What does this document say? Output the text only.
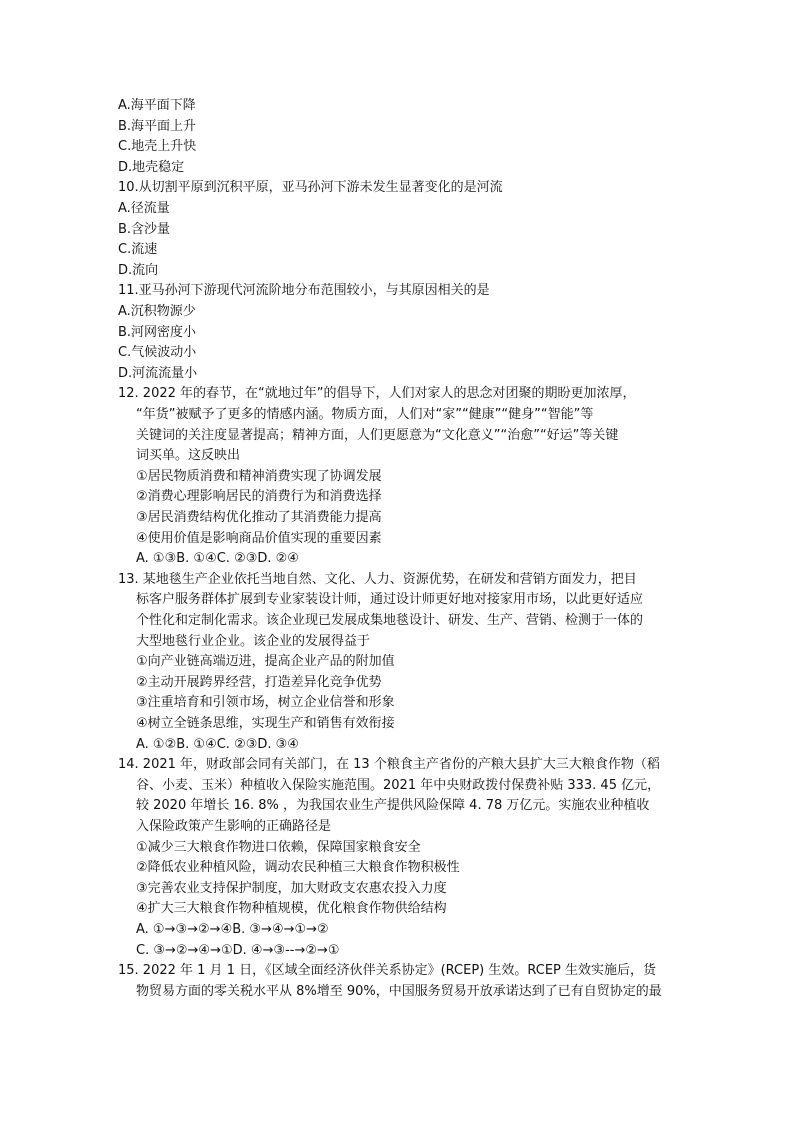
A.海平面下降
B.海平面上升
C.地壳上升快
D.地壳稳定
10.从切割平原到沉积平原，亚马孙河下游未发生显著变化的是河流
A.径流量
B.含沙量
C.流速
D.流向
11.亚马孙河下游现代河流阶地分布范围较小，与其原因相关的是
A.沉积物源少
B.河网密度小
C.气候波动小
D.河流流量小
12. 2022 年的春节，在“就地过年”的倡导下，人们对家人的思念对团聚的期盼更加浓厚，
“年货”被赋予了更多的情感内涵。物质方面，人们对“家”“健康”“健身”“智能”等
关键词的关注度显著提高；精神方面，人们更愿意为“文化意义”“治愈”“好运”等关键
词买单。这反映出
①居民物质消费和精神消费实现了协调发展
②消费心理影响居民的消费行为和消费选择
③居民消费结构优化推动了其消费能力提高
④使用价值是影响商品价值实现的重要因素
A. ①③B. ①④C. ②③D. ②④
13. 某地毯生产企业依托当地自然、文化、人力、资源优势，在研发和营销方面发力，把目
标客户服务群体扩展到专业家装设计师，通过设计师更好地对接家用市场，以此更好适应
个性化和定制化需求。该企业现已发展成集地毯设计、研发、生产、营销、检测于一体的
大型地毯行业企业。该企业的发展得益于
①向产业链高端迈进，提高企业产品的附加值
②主动开展跨界经营，打造差异化竞争优势
③注重培育和引领市场，树立企业信誉和形象
④树立全链条思维，实现生产和销售有效衔接
A. ①②B. ①④C. ②③D. ③④
14. 2021 年，财政部会同有关部门，在 13 个粮食主产省份的产粮大县扩大三大粮食作物（稻
谷、小麦、玉米）种植收入保险实施范围。2021 年中央财政拨付保费补贴 333. 45 亿元，
较 2020 年增长 16. 8% ，为我国农业生产提供风险保障 4. 78 万亿元。实施农业种植收
入保险政策产生影响的正确路径是
①减少三大粮食作物进口依赖，保障国家粮食安全
②降低农业种植风险，调动农民种植三大粮食作物积极性
③完善农业支持保护制度，加大财政支农惠农投入力度
④扩大三大粮食作物种植规模，优化粮食作物供给结构
A. ①→③→②→④B. ③→④→①→②
C. ③→②→④→①D. ④→③--→②→①
15. 2022 年 1 月 1 日，《区域全面经济伙伴关系协定》(RCEP) 生效。RCEP 生效实施后，货
物贸易方面的零关税水平从 8%增至 90%，中国服务贸易开放承诺达到了已有自贸协定的最
